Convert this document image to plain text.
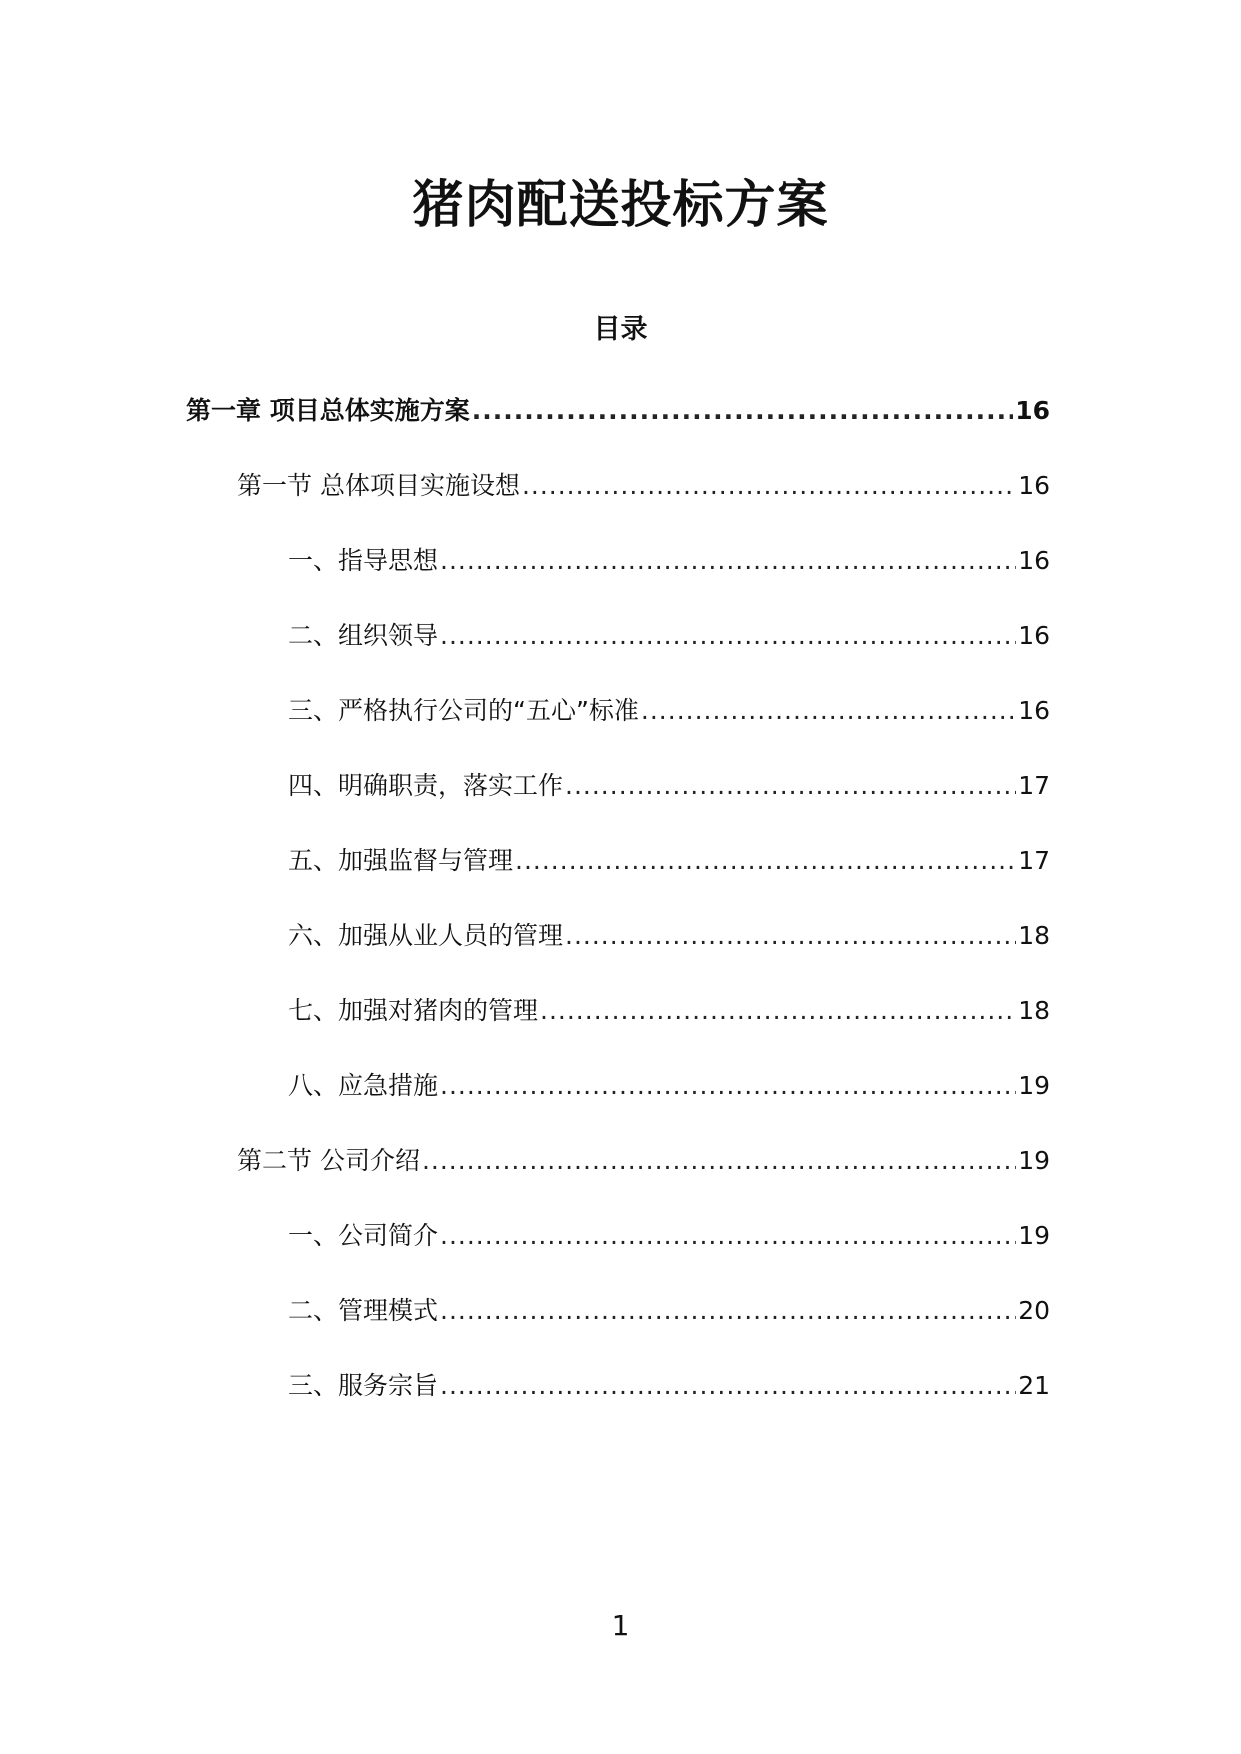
猪肉配送投标方案
目录
第一章 项目总体实施方案 .....	16
第一节 总体项目实施设想 .....	16
一、指导思想 .....	16
二、组织领导 .....	16
三、严格执行公司的“五心”标准 .....	16
四、明确职责，落实工作 .....	17
五、加强监督与管理 .....	17
六、加强从业人员的管理 .....	18
七、加强对猪肉的管理 .....	18
八、应急措施 .....	19
第二节 公司介绍 .....	19
一、公司简介 .....	19
二、管理模式 .....	20
三、服务宗旨 .....	21
1
